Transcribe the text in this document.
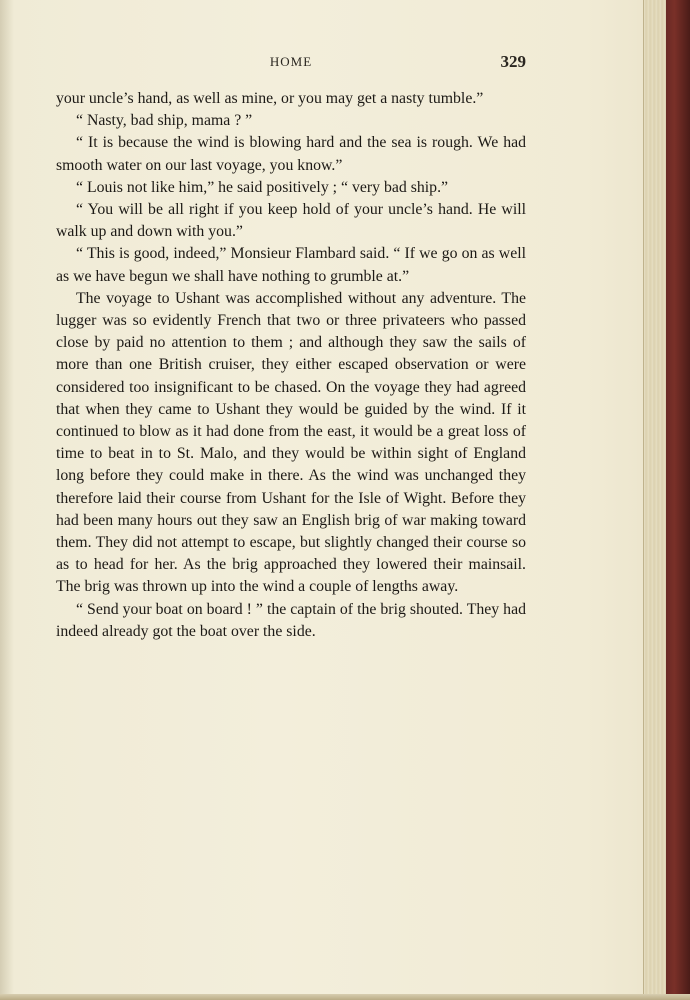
HOME	329

your uncle’s hand, as well as mine, or you may get a nasty tumble.”

“ Nasty, bad ship, mama ? ”

“ It is because the wind is blowing hard and the sea is rough. We had smooth water on our last voyage, you know.”

“ Louis not like him,” he said positively ; “ very bad ship.”

“ You will be all right if you keep hold of your uncle’s hand. He will walk up and down with you.”

“ This is good, indeed,” Monsieur Flambard said. “ If we go on as well as we have begun we shall have nothing to grumble at.”

The voyage to Ushant was accomplished without any adventure. The lugger was so evidently French that two or three privateers who passed close by paid no attention to them ; and although they saw the sails of more than one British cruiser, they either escaped observation or were considered too insignificant to be chased. On the voyage they had agreed that when they came to Ushant they would be guided by the wind. If it continued to blow as it had done from the east, it would be a great loss of time to beat in to St. Malo, and they would be within sight of England long before they could make in there. As the wind was unchanged they therefore laid their course from Ushant for the Isle of Wight. Before they had been many hours out they saw an English brig of war making toward them. They did not attempt to escape, but slightly changed their course so as to head for her. As the brig approached they lowered their mainsail. The brig was thrown up into the wind a couple of lengths away.

“ Send your boat on board ! ” the captain of the brig shouted. They had indeed already got the boat over the side.
